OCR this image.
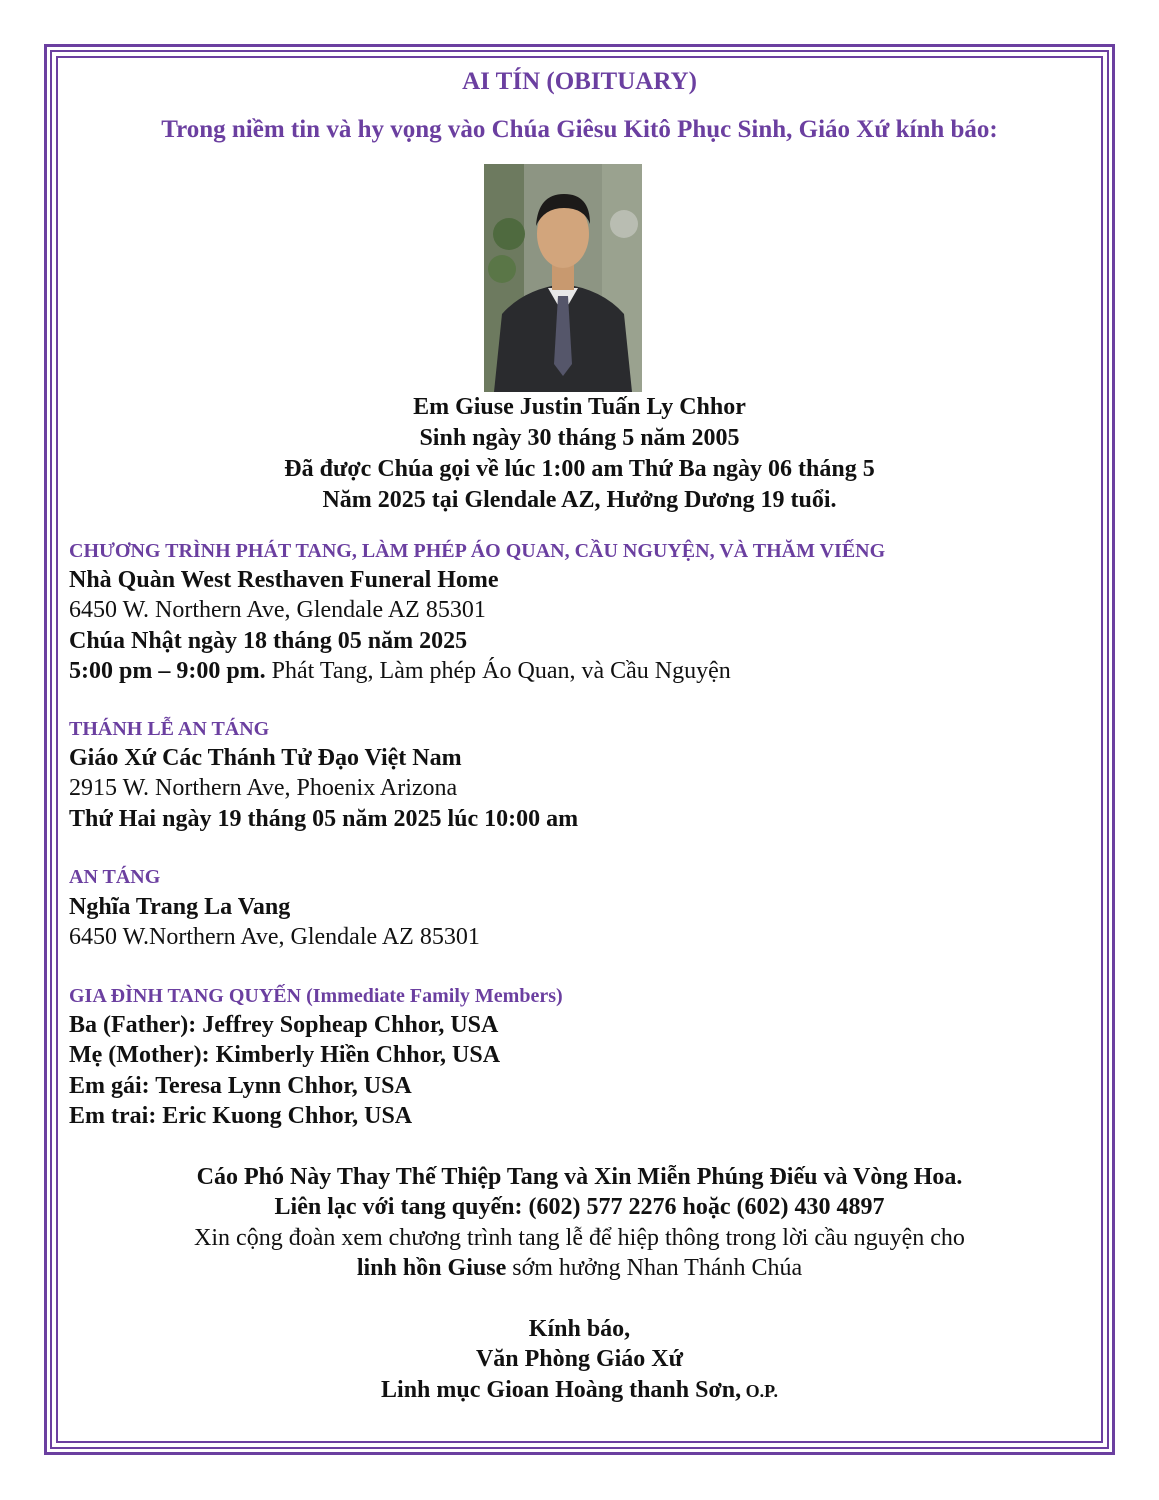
AI TÍN (OBITUARY)
Trong niềm tin và hy vọng vào Chúa Giêsu Kitô Phục Sinh, Giáo Xứ kính báo:
Em Giuse Justin Tuấn Ly Chhor
Sinh ngày 30 tháng 5 năm 2005
Đã được Chúa gọi về lúc 1:00 am Thứ Ba ngày 06 tháng 5
Năm 2025 tại Glendale AZ, Hưởng Dương 19 tuổi.
CHƯƠNG TRÌNH PHÁT TANG, LÀM PHÉP ÁO QUAN, CẦU NGUYỆN, VÀ THĂM VIẾNG
Nhà Quàn West Resthaven Funeral Home
6450 W. Northern Ave, Glendale AZ 85301
Chúa Nhật ngày 18 tháng 05 năm 2025
5:00 pm – 9:00 pm. Phát Tang, Làm phép Áo Quan, và Cầu Nguyện
THÁNH LỄ AN TÁNG
Giáo Xứ Các Thánh Tử Đạo Việt Nam
2915 W. Northern Ave, Phoenix Arizona
Thứ Hai ngày 19 tháng 05 năm 2025 lúc 10:00 am
AN TÁNG
Nghĩa Trang La Vang
6450 W.Northern Ave, Glendale AZ 85301
GIA ĐÌNH TANG QUYẾN (Immediate Family Members)
Ba (Father): Jeffrey Sopheap Chhor, USA
Mẹ (Mother): Kimberly Hiền Chhor, USA
Em gái: Teresa Lynn Chhor, USA
Em trai: Eric Kuong Chhor, USA
Cáo Phó Này Thay Thế Thiệp Tang và Xin Miễn Phúng Điếu và Vòng Hoa.
Liên lạc với tang quyến: (602) 577 2276 hoặc (602) 430 4897
Xin cộng đoàn xem chương trình tang lễ để hiệp thông trong lời cầu nguyện cho
linh hồn Giuse sớm hưởng Nhan Thánh Chúa
Kính báo,
Văn Phòng Giáo Xứ
Linh mục Gioan Hoàng thanh Sơn, O.P.
